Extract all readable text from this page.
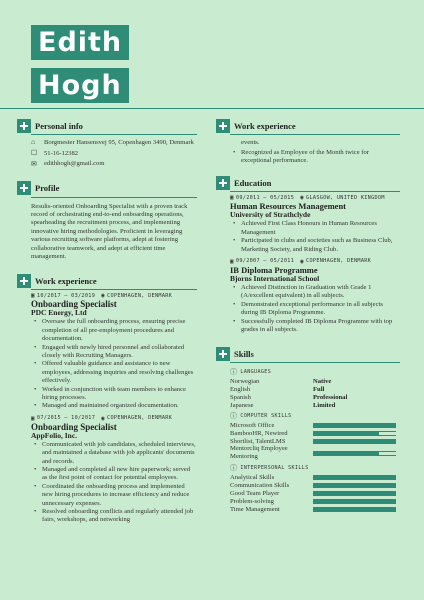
Edith
Hogh
Personal info
⌂	Borgmester Hansensvej 95, Copenhagen 3490, Denmark
☐ 51-16-12382
✉ edithhogh@gmail.com
Profile
Results-oriented Onboarding Specialist with a proven track record of orchestrating end-to-end onboarding operations, spearheading the recruitment process, and implementing innovative hiring methodologies. Proficient in leveraging various recruiting software platforms, adept at fostering collaborative teamwork, and adept at efficient time management.
Work experience
▣ 10/2017 — 03/2019 ◉ COPENHAGEN, DENMARK
Onboarding Specialist
PDC Energy, Ltd
• Oversaw the full onboarding process, ensuring precise completion of all pre-employment procedures and documentation.
• Engaged with newly hired personnel and collaborated closely with Recruiting Managers.
• Offered valuable guidance and assistance to new employees, addressing inquiries and resolving challenges effectively.
• Worked in conjunction with team members to enhance hiring processes.
• Managed and maintained organized documentation.
▣ 07/2015 — 10/2017 ◉ COPENHAGEN, DENMARK
Onboarding Specialist
AppFolio, Inc.
• Communicated with job candidates, scheduled interviews, and maintained a database with job applicants' documents and records.
• Managed and completed all new hire paperwork; served as the first point of contact for potential employees.
• Coordinated the onboarding process and implemented new hiring procedures to increase efficiency and reduce unnecessary expenses.
• Resolved onboarding conflicts and regularly attended job fairs, workshops, and networking
Work experience
events.
• Recognized as Employee of the Month twice for exceptional performance.
Education
▣ 09/2011 — 05/2015 ◉ GLASGOW, UNITED KINGDOM
Human Resources Management
University of Strathclyde
• Achieved First Class Honours in Human Resources Management
• Participated in clubs and societies such as Business Club, Marketing Society, and Riding Club.
▣ 09/2007 — 05/2011 ◉ COPENHAGEN, DENMARK
IB Diploma Programme
Bjorns International School
• Achieved Distinction in Graduation with Grade 1 (A/excellent equivalent) in all subjects.
• Demonstrated exceptional performance in all subjects during IB Diploma Programme.
• Successfully completed IB Diploma Programme with top grades in all subjects.
Skills
ⓘ LANGUAGES
Norwegian	Native
English	Full
Spanish	Professional
Japanese	Limited
ⓘ COMPUTER SKILLS
Microsoft Office
BambooHR, Newired
Shortlist, TalentLMS
Mentorcliq Employee Mentoring
ⓘ INTERPERSONAL SKILLS
Analytical Skills
Communication Skills
Good Team Player
Problem-solving
Time Management
